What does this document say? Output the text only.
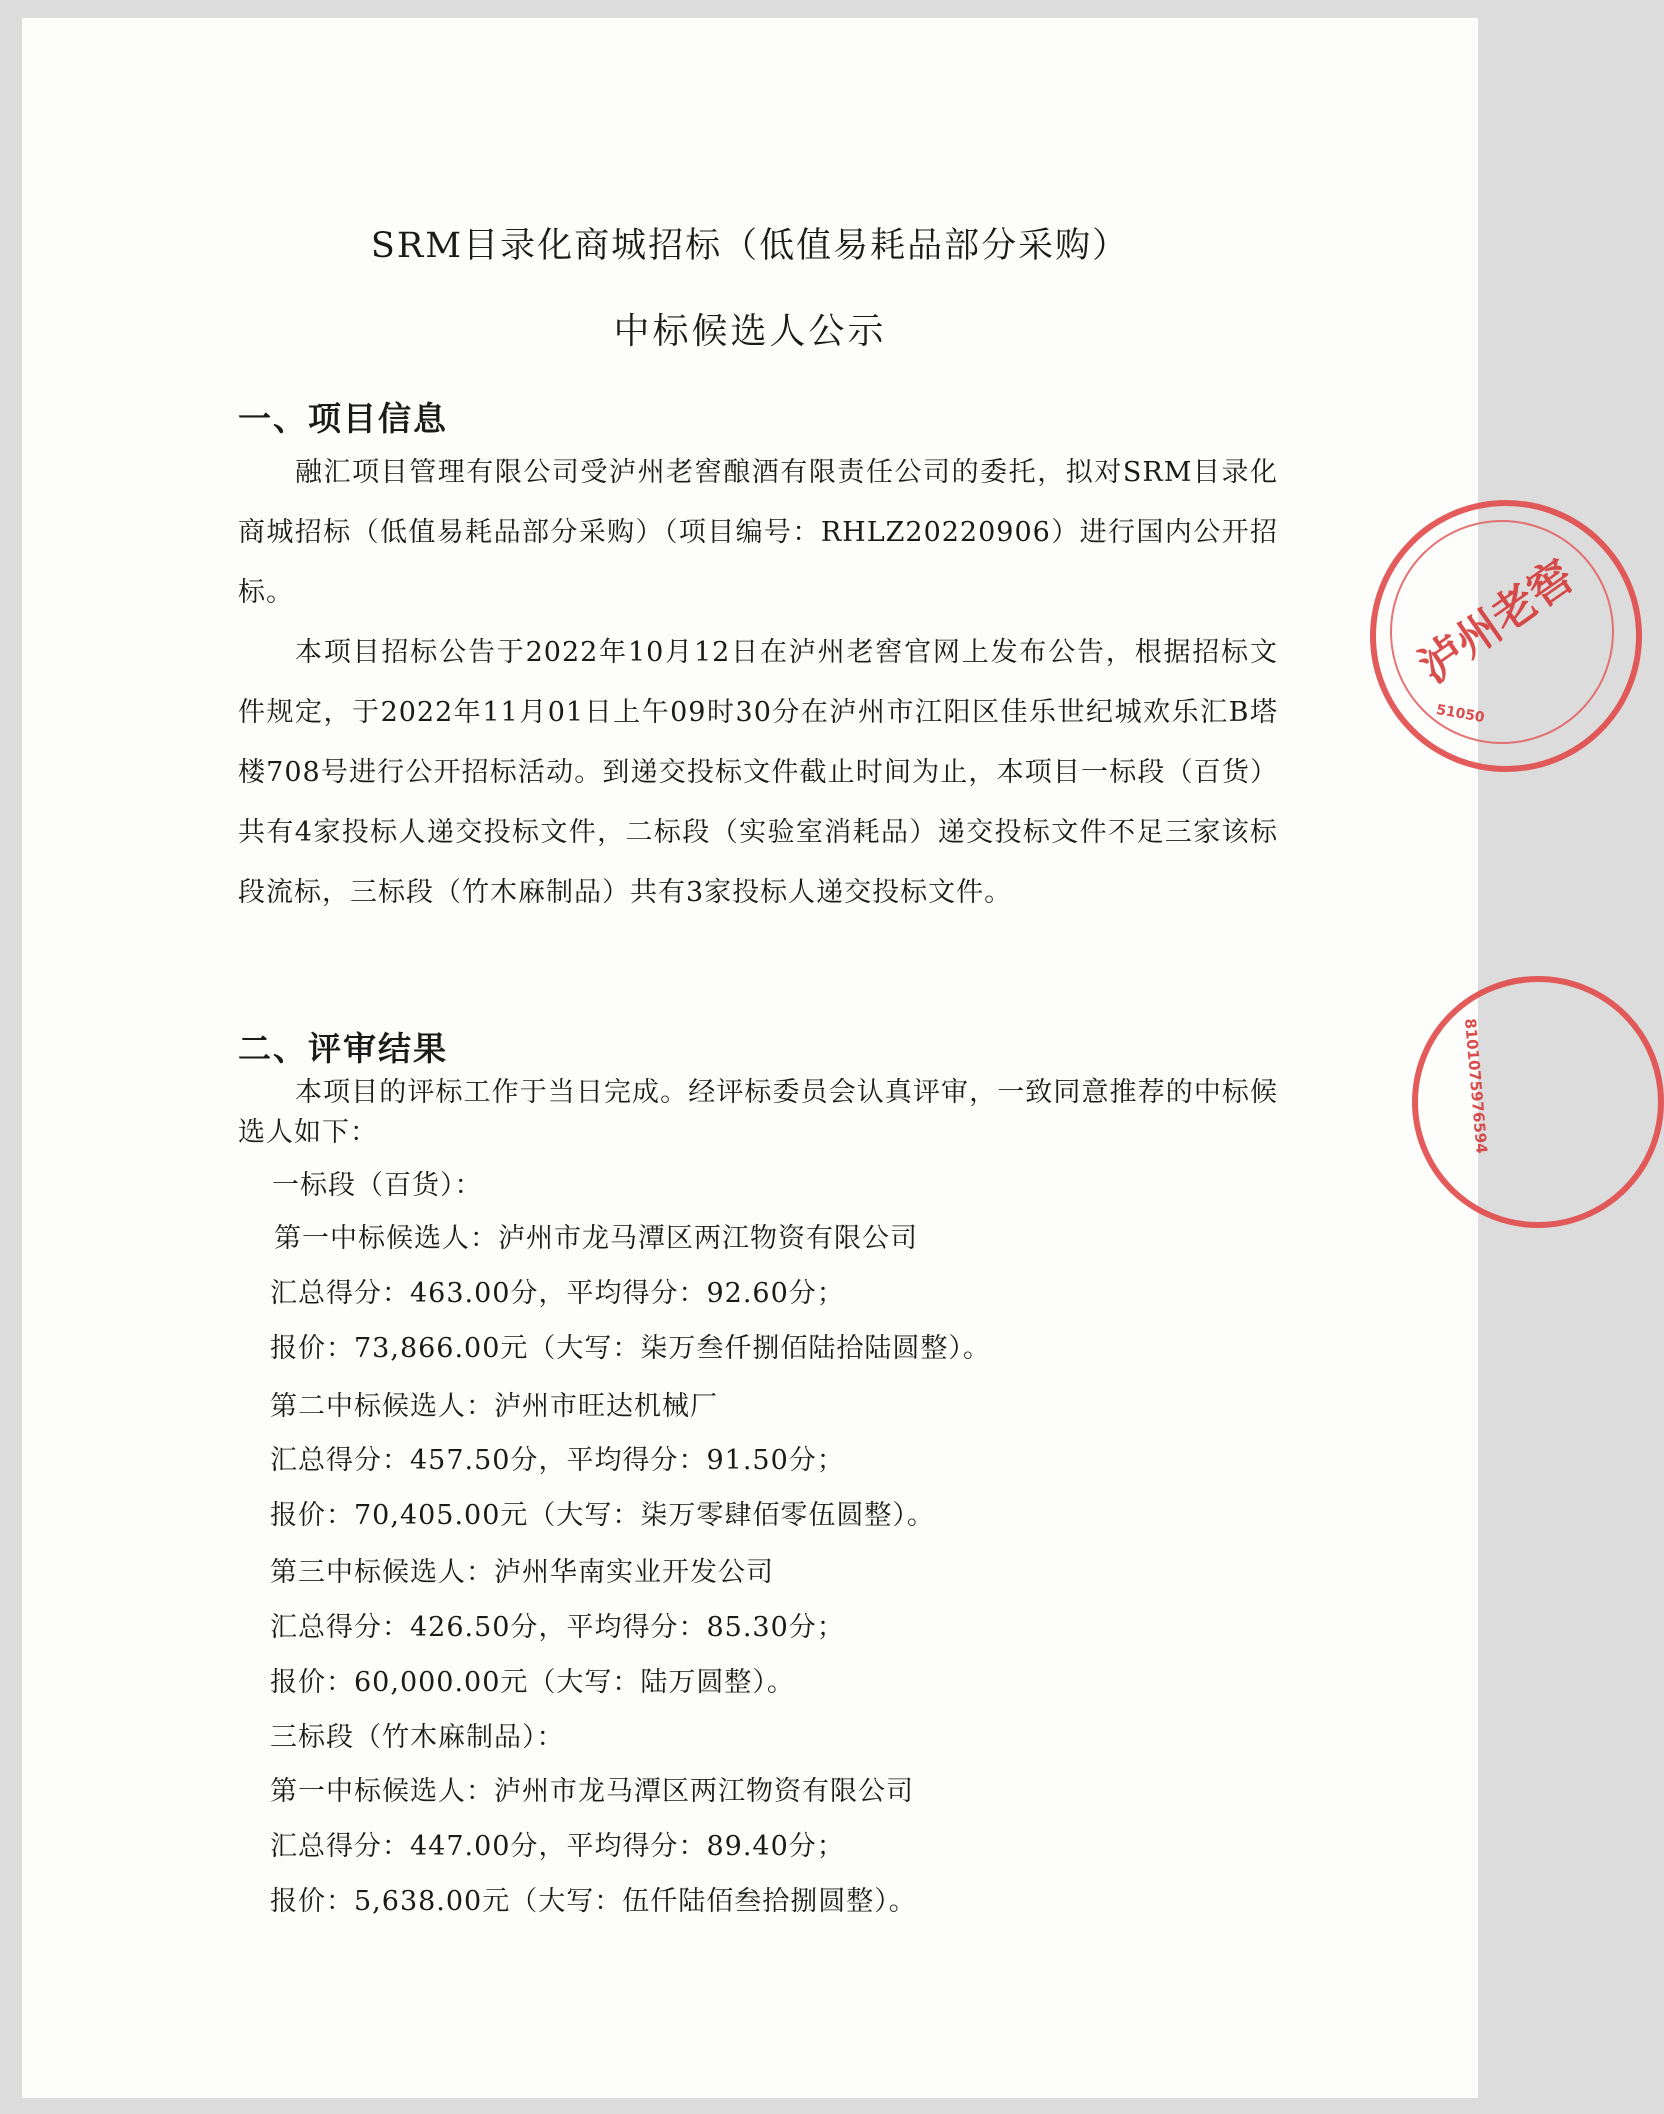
SRM目录化商城招标（低值易耗品部分采购）
中标候选人公示
一、项目信息
融汇项目管理有限公司受泸州老窖酿酒有限责任公司的委托，拟对SRM目录化商城招标（低值易耗品部分采购）（项目编号：RHLZ20220906）进行国内公开招标。
本项目招标公告于2022年10月12日在泸州老窖官网上发布公告，根据招标文件规定，于2022年11月01日上午09时30分在泸州市江阳区佳乐世纪城欢乐汇B塔楼708号进行公开招标活动。到递交投标文件截止时间为止，本项目一标段（百货）共有4家投标人递交投标文件，二标段（实验室消耗品）递交投标文件不足三家该标段流标，三标段（竹木麻制品）共有3家投标人递交投标文件。
二、评审结果
本项目的评标工作于当日完成。经评标委员会认真评审，一致同意推荐的中标候选人如下：
一标段（百货）：
第一中标候选人：泸州市龙马潭区两江物资有限公司
汇总得分：463.00分，平均得分：92.60分；
报价：73,866.00元（大写：柒万叁仟捌佰陆拾陆圆整）。
第二中标候选人：泸州市旺达机械厂
汇总得分：457.50分，平均得分：91.50分；
报价：70,405.00元（大写：柒万零肆佰零伍圆整）。
第三中标候选人：泸州华南实业开发公司
汇总得分：426.50分，平均得分：85.30分；
报价：60,000.00元（大写：陆万圆整）。
三标段（竹木麻制品）：
第一中标候选人：泸州市龙马潭区两江物资有限公司
汇总得分：447.00分，平均得分：89.40分；
报价：5,638.00元（大写：伍仟陆佰叁拾捌圆整）。
泸州老窖
51050
8101075976594
